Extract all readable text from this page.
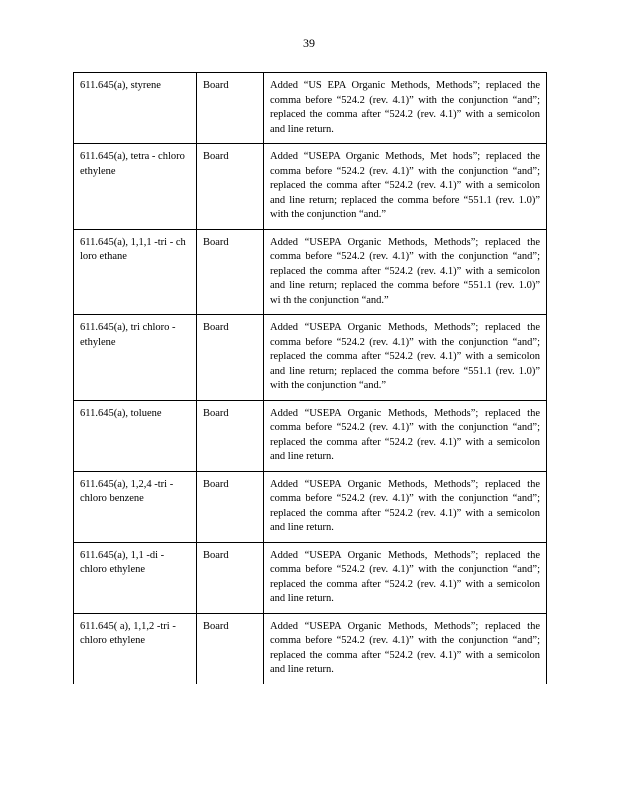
39
611.645(a), styrene	Board	Added “US EPA Organic Methods, Methods”; replaced the comma before “524.2 (rev. 4.1)” with the conjunction “and”; replaced the comma after “524.2 (rev. 4.1)” with a semicolon and line return.
611.645(a), tetra - chloro ethylene	Board	Added “USEPA Organic Methods, Met hods”; replaced the comma before “524.2 (rev. 4.1)” with the conjunction “and”; replaced the comma after “524.2 (rev. 4.1)” with a semicolon and line return; replaced the comma before “551.1 (rev. 1.0)” with the conjunction “and.”
611.645(a), 1,1,1 -tri - ch loro ethane	Board	Added “USEPA Organic Methods, Methods”; replaced the comma before “524.2 (rev. 4.1)” with the conjunction “and”; replaced the comma after “524.2 (rev. 4.1)” with a semicolon and line return; replaced the comma before “551.1 (rev. 1.0)” wi th the conjunction “and.”
611.645(a), tri chloro - ethylene	Board	Added “USEPA Organic Methods, Methods”; replaced the comma before “524.2 (rev. 4.1)” with the conjunction “and”; replaced the comma after “524.2 (rev. 4.1)” with a semicolon and line return; replaced the comma before “551.1 (rev. 1.0)” with the conjunction “and.”
611.645(a), toluene	Board	Added “USEPA Organic Methods, Methods”; replaced the comma before “524.2 (rev. 4.1)” with the conjunction “and”; replaced the comma after “524.2 (rev. 4.1)” with a semicolon and line return.
611.645(a), 1,2,4 -tri - chloro benzene	Board	Added “USEPA Organic Methods, Methods”; replaced the comma before “524.2 (rev. 4.1)” with the conjunction “and”; replaced the comma after “524.2 (rev. 4.1)” with a semicolon and line return.
611.645(a), 1,1 -di - chloro ethylene	Board	Added “USEPA Organic Methods, Methods”; replaced the comma before “524.2 (rev. 4.1)” with the conjunction “and”; replaced the comma after “524.2 (rev. 4.1)” with a semicolon and line return.
611.645( a), 1,1,2 -tri - chloro ethylene	Board	Added “USEPA Organic Methods, Methods”; replaced the comma before “524.2 (rev. 4.1)” with the conjunction “and”; replaced the comma after “524.2 (rev. 4.1)” with a semicolon and line return.
